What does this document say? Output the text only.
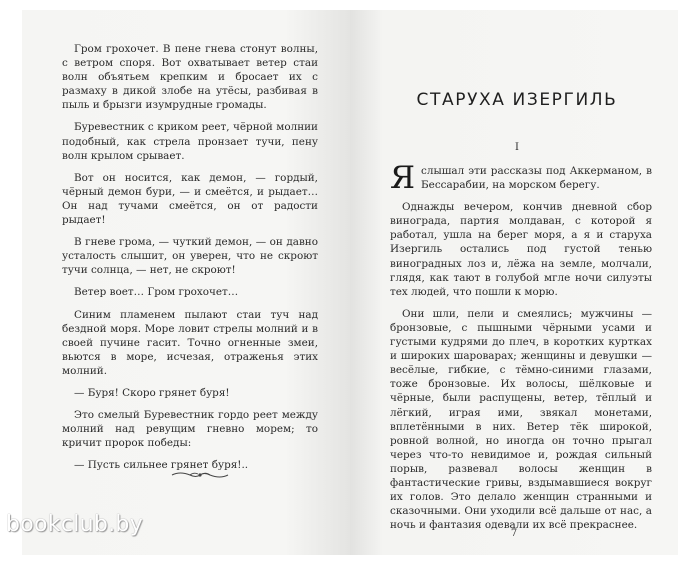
Гром грохочет. В пене гнева стонут волны, с ветром споря. Вот охватывает ветер стаи волн объятьем крепким и бросает их с размаху в дикой злобе на утёсы, разбивая в пыль и брызги изумрудные громады.

Буревестник с криком реет, чёрной молнии подобный, как стрела пронзает тучи, пену волн крылом срывает.

Вот он носится, как демон, — гордый, чёрный демон бури, — и смеётся, и рыдает… Он над тучами смеётся, он от радости рыдает!

В гневе грома, — чуткий демон, — он давно усталость слышит, он уверен, что не скроют тучи солнца, — нет, не скроют!

Ветер воет… Гром грохочет…

Синим пламенем пылают стаи туч над бездной моря. Море ловит стрелы молний и в своей пучине гасит. Точно огненные змеи, вьются в море, исчезая, отраженья этих молний.

— Буря! Скоро грянет буря!

Это смелый Буревестник гордо реет между молний над ревущим гневно морем; то кричит пророк победы:

— Пусть сильнее грянет буря!..

СТАРУХА ИЗЕРГИЛЬ
I

Яслышал эти рассказы под Аккерманом, в Бессарабии, на морском берегу.

Однажды вечером, кончив дневной сбор винограда, партия молдаван, с которой я работал, ушла на берег моря, а я и старуха Изергиль остались под густой тенью виноградных лоз и, лёжа на земле, молчали, глядя, как тают в голубой мгле ночи силуэты тех людей, что пошли к морю.

Они шли, пели и смеялись; мужчины — бронзовые, с пышными чёрными усами и густыми кудрями до плеч, в коротких куртках и широких шароварах; женщины и девушки — весёлые, гибкие, с тёмно-синими глазами, тоже бронзовые. Их волосы, шёлковые и чёрные, были распущены, ветер, тёплый и лёгкий, играя ими, звякал монетами, вплетёнными в них. Ветер тёк широкой, ровной волной, но иногда он точно прыгал через что-то невидимое и, рождая сильный порыв, развевал волосы женщин в фантастические гривы, вздымавшиеся вокруг их голов. Это делало женщин странными и сказочными. Они уходили всё дальше от нас, а ночь и фантазия одевали их всё прекраснее.

7
bookclub.by
